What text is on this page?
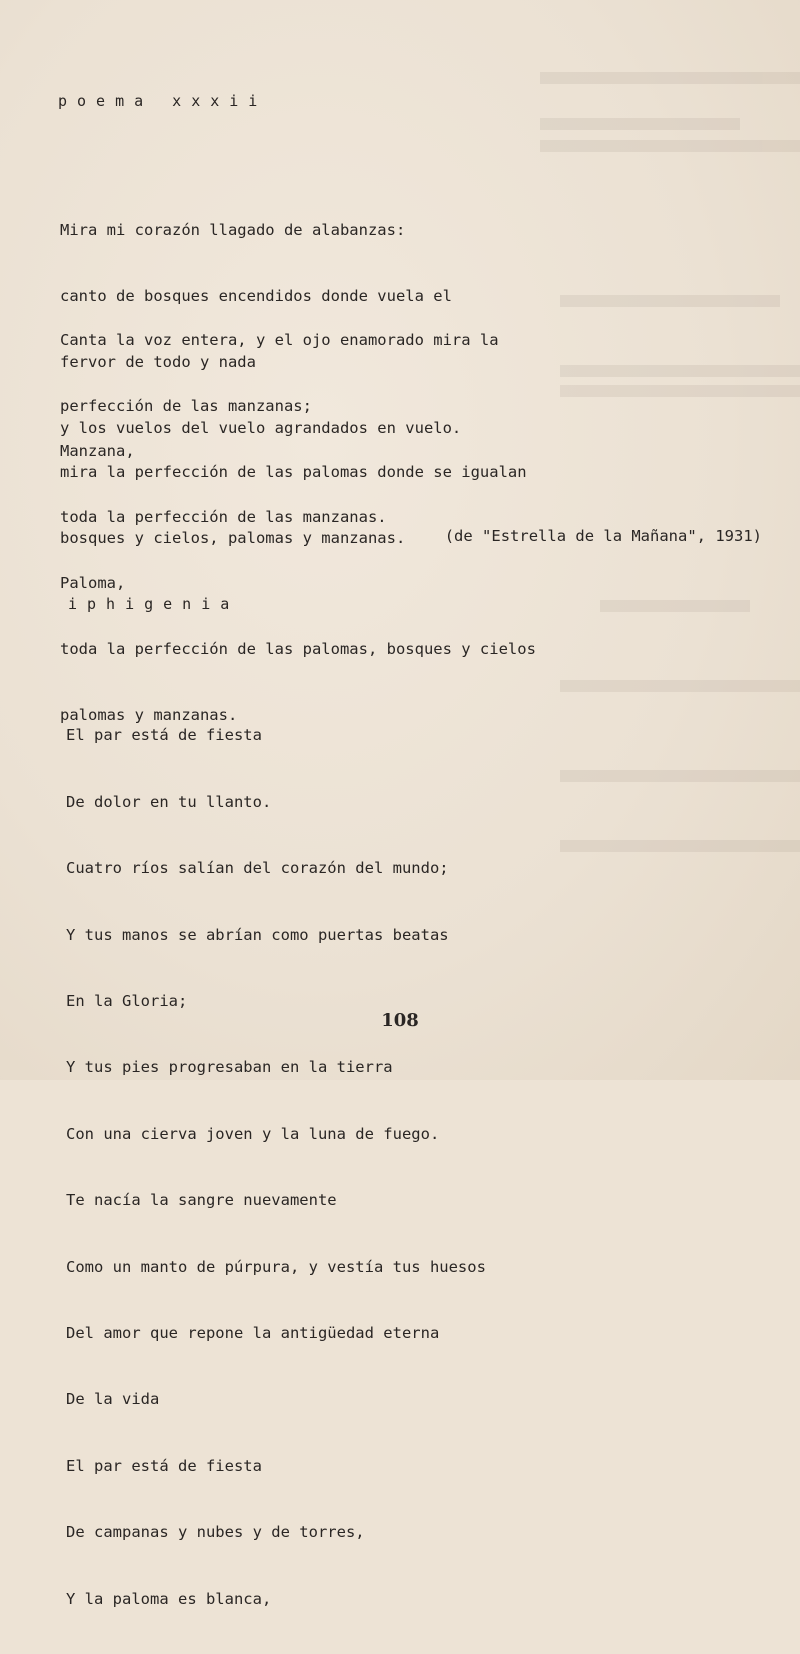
poema xxxii

Mira mi corazón llagado de alabanzas:

canto de bosques encendidos donde vuela el

fervor de todo y nada

y los vuelos del vuelo agrandados en vuelo.

Canta la voz entera, y el ojo enamorado mira la

perfección de las manzanas;

mira la perfección de las palomas donde se igualan

bosques y cielos, palomas y manzanas.

Manzana,

toda la perfección de las manzanas.

Paloma,

toda la perfección de las palomas, bosques y cielos

palomas y manzanas.

(de "Estrella de la Mañana", 1931)
iphigenia

El par está de fiesta

De dolor en tu llanto.

Cuatro ríos salían del corazón del mundo;

Y tus manos se abrían como puertas beatas

En la Gloria;

Y tus pies progresaban en la tierra

Con una cierva joven y la luna de fuego.

Te nacía la sangre nuevamente

Como un manto de púrpura, y vestía tus huesos

Del amor que repone la antigüedad eterna

De la vida

El par está de fiesta

De campanas y nubes y de torres,

Y la paloma es blanca,

108
